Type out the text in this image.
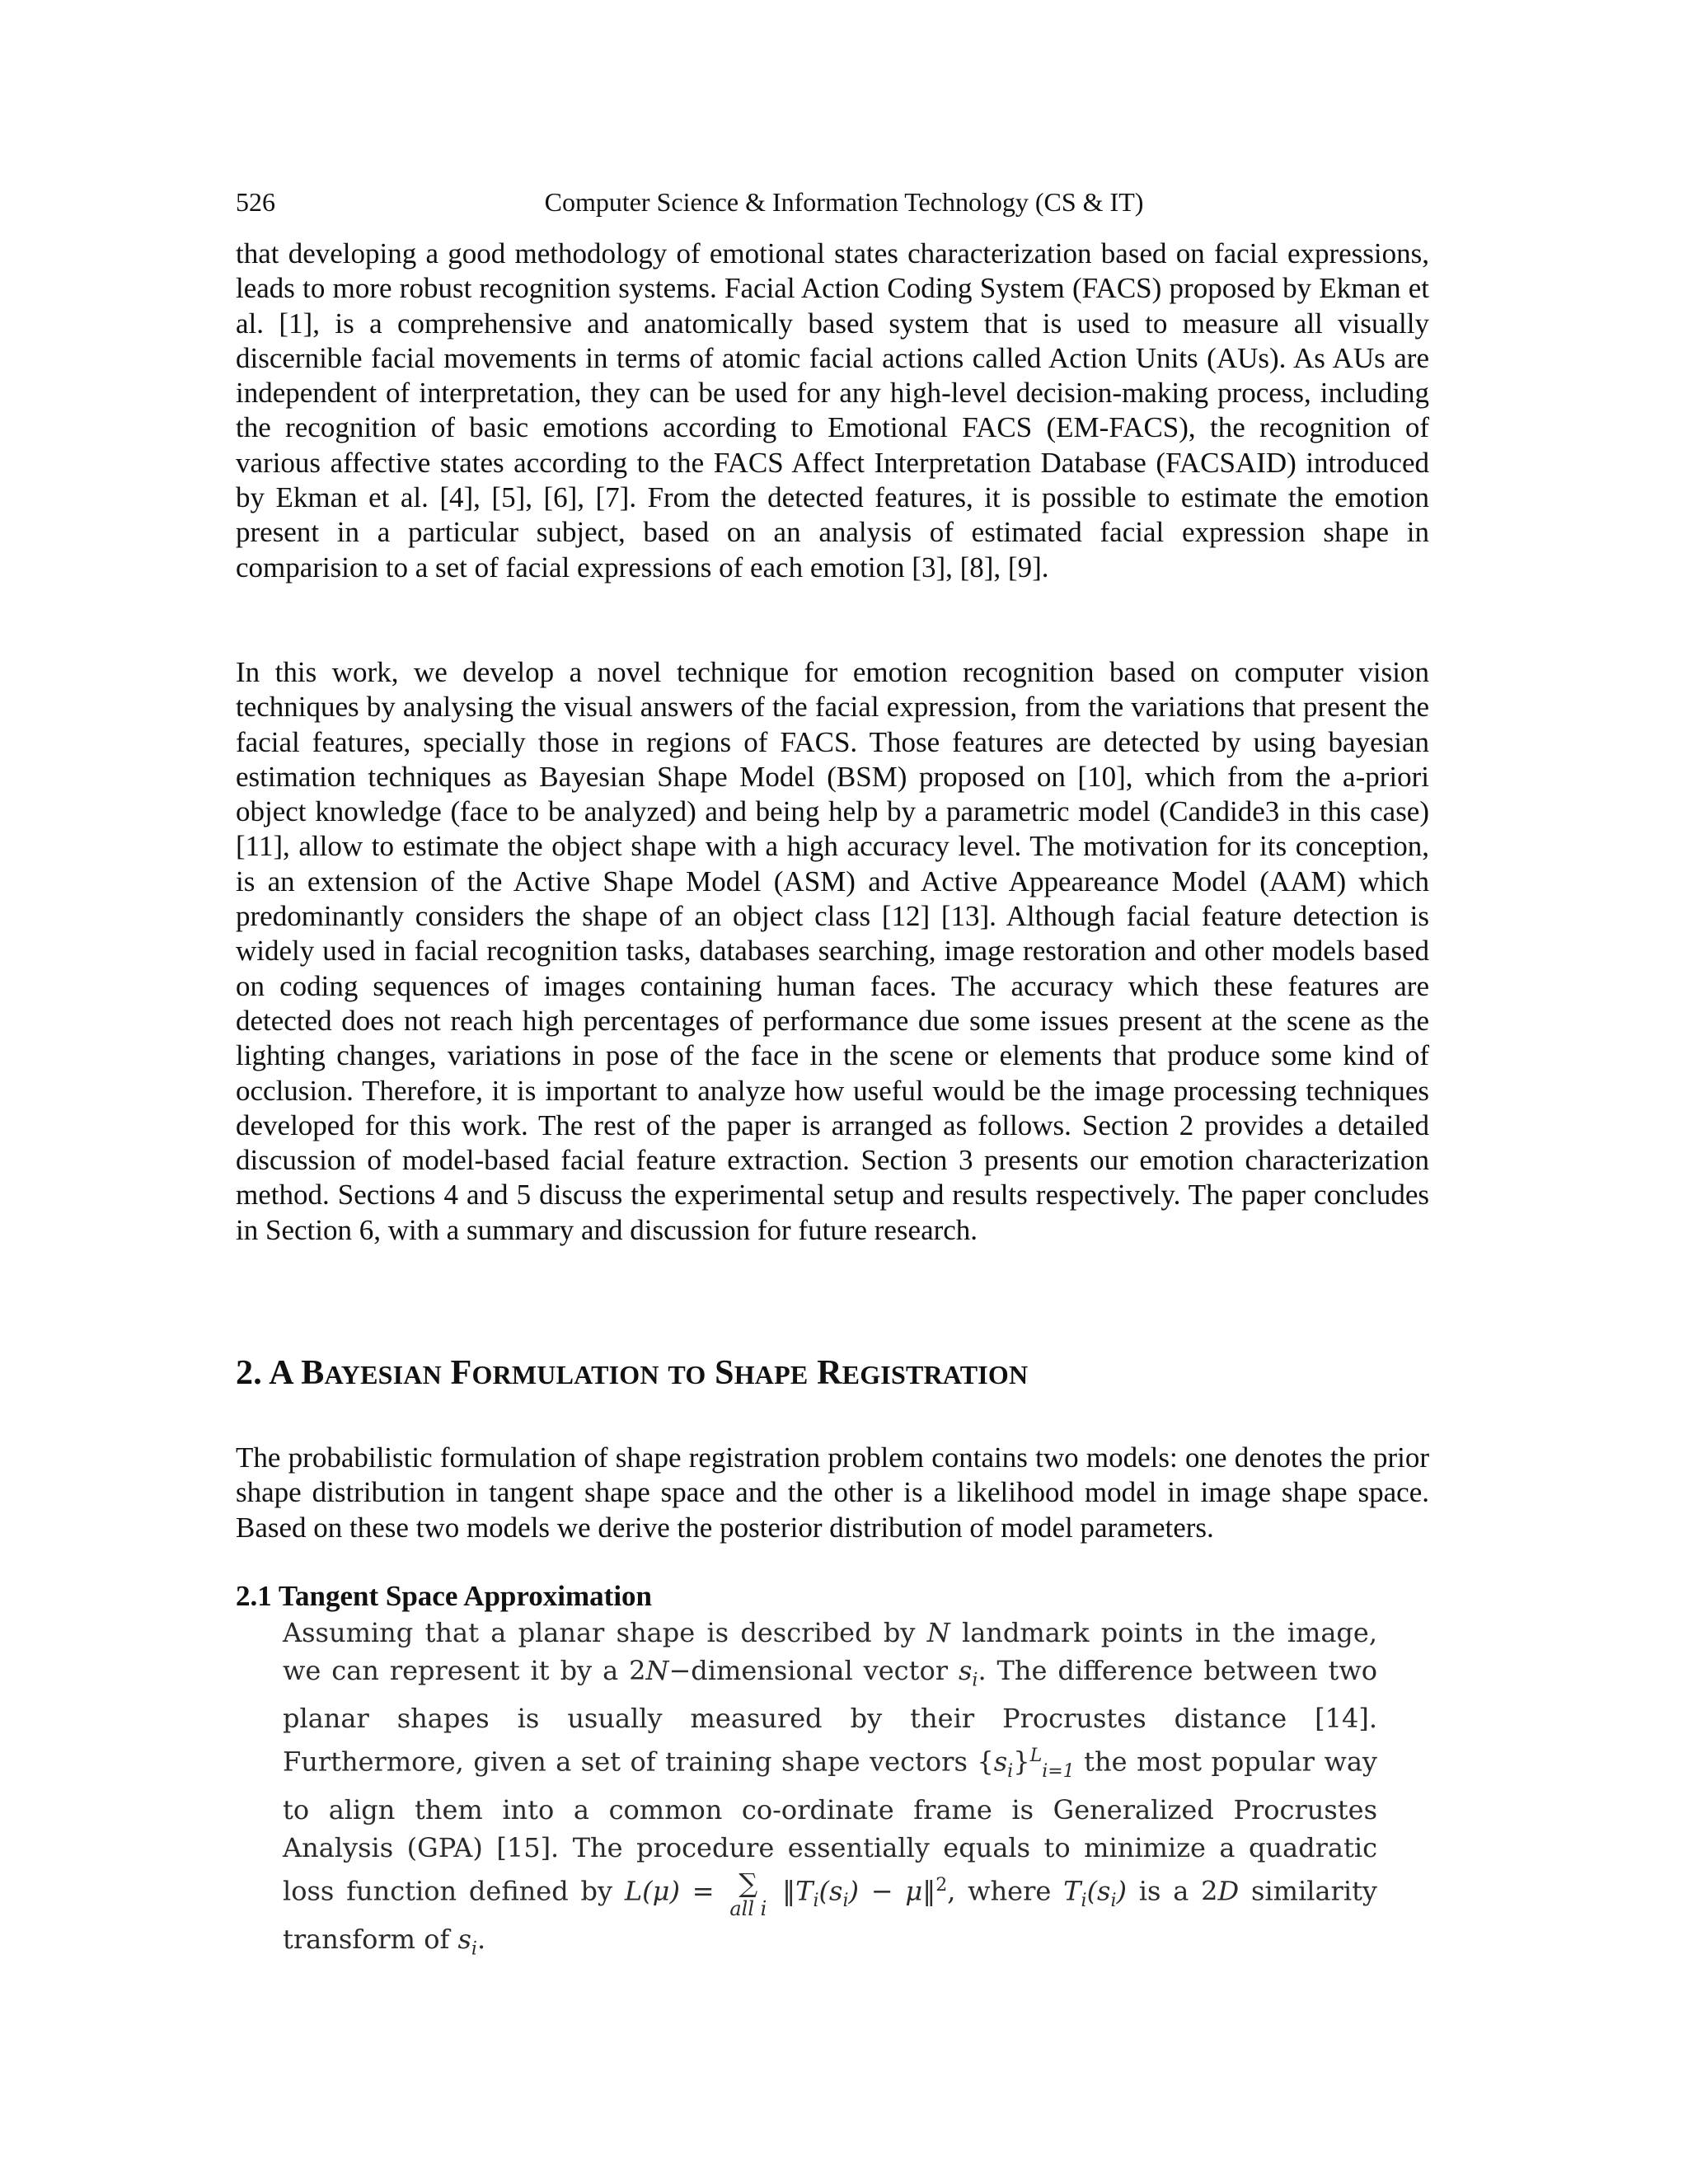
526	Computer Science & Information Technology (CS & IT)

that developing a good methodology of emotional states characterization based on facial expressions, leads to more robust recognition systems. Facial Action Coding System (FACS) proposed by Ekman et al. [1], is a comprehensive and anatomically based system that is used to measure all visually discernible facial movements in terms of atomic facial actions called Action Units (AUs). As AUs are independent of interpretation, they can be used for any high-level decision-making process, including the recognition of basic emotions according to Emotional FACS (EM-FACS), the recognition of various affective states according to the FACS Affect Interpretation Database (FACSAID) introduced by Ekman et al. [4], [5], [6], [7]. From the detected features, it is possible to estimate the emotion present in a particular subject, based on an analysis of estimated facial expression shape in comparision to a set of facial expressions of each emotion [3], [8], [9].

In this work, we develop a novel technique for emotion recognition based on computer vision techniques by analysing the visual answers of the facial expression, from the variations that present the facial features, specially those in regions of FACS. Those features are detected by using bayesian estimation techniques as Bayesian Shape Model (BSM) proposed on [10], which from the a-priori object knowledge (face to be analyzed) and being help by a parametric model (Candide3 in this case) [11], allow to estimate the object shape with a high accuracy level. The motivation for its conception, is an extension of the Active Shape Model (ASM) and Active Appeareance Model (AAM) which predominantly considers the shape of an object class [12] [13]. Although facial feature detection is widely used in facial recognition tasks, databases searching, image restoration and other models based on coding sequences of images containing human faces. The accuracy which these features are detected does not reach high percentages of performance due some issues present at the scene as the lighting changes, variations in pose of the face in the scene or elements that produce some kind of occlusion. Therefore, it is important to analyze how useful would be the image processing techniques developed for this work. The rest of the paper is arranged as follows. Section 2 provides a detailed discussion of model-based facial feature extraction. Section 3 presents our emotion characterization method. Sections 4 and 5 discuss the experimental setup and results respectively. The paper concludes in Section 6, with a summary and discussion for future research.

2. A BAYESIAN FORMULATION TO SHAPE REGISTRATION

The probabilistic formulation of shape registration problem contains two models: one denotes the prior shape distribution in tangent shape space and the other is a likelihood model in image shape space. Based on these two models we derive the posterior distribution of model parameters.

2.1 Tangent Space Approximation

Assuming that a planar shape is described by N landmark points in the image, we can represent it by a 2N−dimensional vector $s_i$. The difference between two planar shapes is usually measured by their Procrustes distance [14]. Furthermore, given a set of training shape vectors $\{s_i\}^L_{i=1}$ the most popular way to align them into a common co-ordinate frame is Generalized Procrustes Analysis (GPA) [15]. The procedure essentially equals to minimize a quadratic loss function defined by L(μ) = ∑
all i
$‖T_i(s_i)$ − μ‖$^2$, where $T_i(s_i)$ is a 2D similarity transform of $s_i$.
